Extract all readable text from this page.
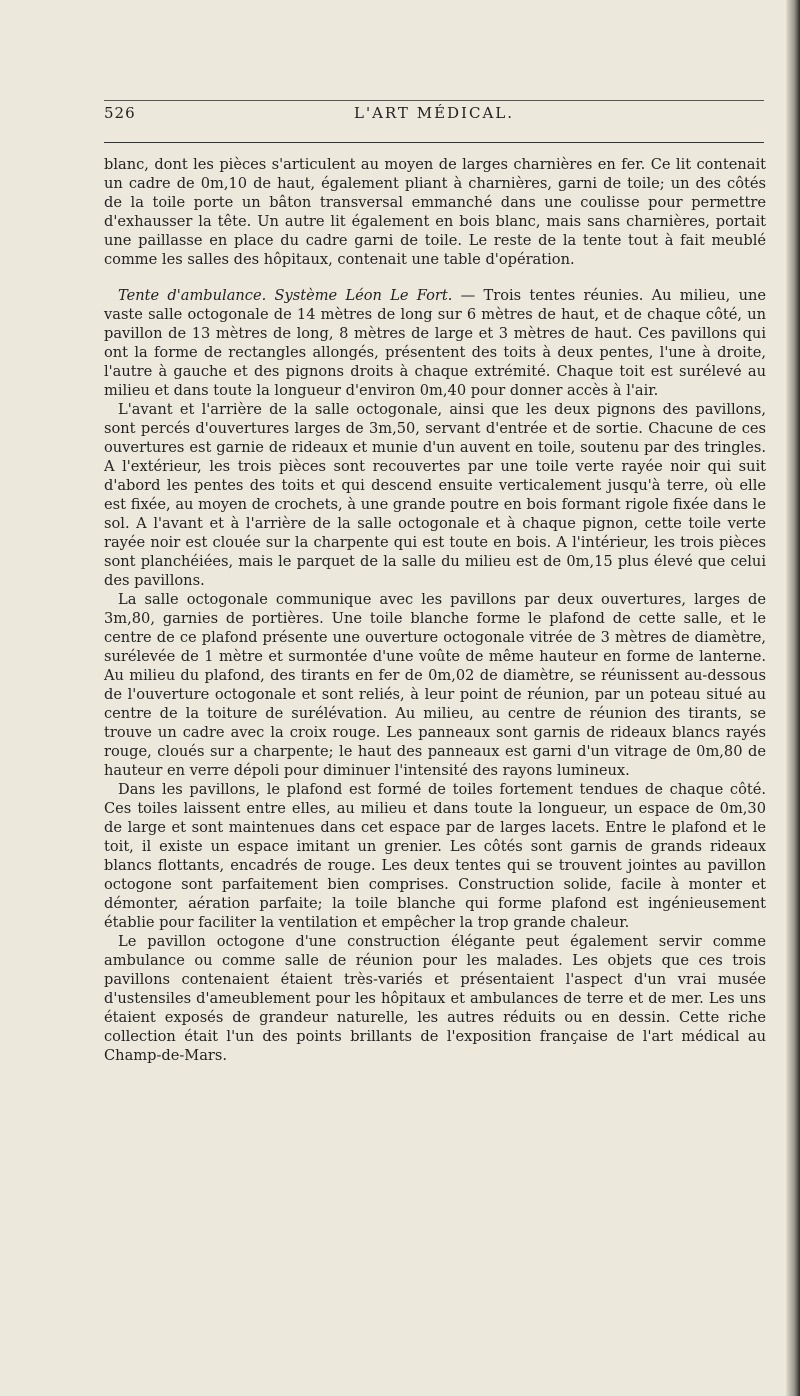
526	L'ART MÉDICAL.

blanc, dont les pièces s'articulent au moyen de larges charnières en fer. Ce lit contenait un cadre de 0m,10 de haut, également pliant à charnières, garni de toile; un des côtés de la toile porte un bâton transversal emmanché dans une coulisse pour permettre d'exhausser la tête. Un autre lit également en bois blanc, mais sans charnières, portait une paillasse en place du cadre garni de toile. Le reste de la tente tout à fait meublé comme les salles des hôpitaux, contenait une table d'opération.

Tente d'ambulance. Système Léon Le Fort. — Trois tentes réunies. Au milieu, une vaste salle octogonale de 14 mètres de long sur 6 mètres de haut, et de chaque côté, un pavillon de 13 mètres de long, 8 mètres de large et 3 mètres de haut. Ces pavillons qui ont la forme de rectangles allongés, présentent des toits à deux pentes, l'une à droite, l'autre à gauche et des pignons droits à chaque extrémité. Chaque toit est surélevé au milieu et dans toute la longueur d'environ 0m,40 pour donner accès à l'air.

L'avant et l'arrière de la salle octogonale, ainsi que les deux pignons des pavillons, sont percés d'ouvertures larges de 3m,50, servant d'entrée et de sortie. Chacune de ces ouvertures est garnie de rideaux et munie d'un auvent en toile, soutenu par des tringles. A l'extérieur, les trois pièces sont recouvertes par une toile verte rayée noir qui suit d'abord les pentes des toits et qui descend ensuite verticalement jusqu'à terre, où elle est fixée, au moyen de crochets, à une grande poutre en bois formant rigole fixée dans le sol. A l'avant et à l'arrière de la salle octogonale et à chaque pignon, cette toile verte rayée noir est clouée sur la charpente qui est toute en bois. A l'intérieur, les trois pièces sont planchéiées, mais le parquet de la salle du milieu est de 0m,15 plus élevé que celui des pavillons.

La salle octogonale communique avec les pavillons par deux ouvertures, larges de 3m,80, garnies de portières. Une toile blanche forme le plafond de cette salle, et le centre de ce plafond présente une ouverture octogonale vitrée de 3 mètres de diamètre, surélevée de 1 mètre et surmontée d'une voûte de même hauteur en forme de lanterne. Au milieu du plafond, des tirants en fer de 0m,02 de diamètre, se réunissent au-dessous de l'ouverture octogonale et sont reliés, à leur point de réunion, par un poteau situé au centre de la toiture de surélévation. Au milieu, au centre de réunion des tirants, se trouve un cadre avec la croix rouge. Les panneaux sont garnis de rideaux blancs rayés rouge, cloués sur a charpente; le haut des panneaux est garni d'un vitrage de 0m,80 de hauteur en verre dépoli pour diminuer l'intensité des rayons lumineux.

Dans les pavillons, le plafond est formé de toiles fortement tendues de chaque côté. Ces toiles laissent entre elles, au milieu et dans toute la longueur, un espace de 0m,30 de large et sont maintenues dans cet espace par de larges lacets. Entre le plafond et le toit, il existe un espace imitant un grenier. Les côtés sont garnis de grands rideaux blancs flottants, encadrés de rouge. Les deux tentes qui se trouvent jointes au pavillon octogone sont parfaitement bien comprises. Construction solide, facile à monter et démonter, aération parfaite; la toile blanche qui forme plafond est ingénieusement établie pour faciliter la ventilation et empêcher la trop grande chaleur.

Le pavillon octogone d'une construction élégante peut également servir comme ambulance ou comme salle de réunion pour les malades. Les objets que ces trois pavillons contenaient étaient très-variés et présentaient l'aspect d'un vrai musée d'ustensiles d'ameublement pour les hôpitaux et ambulances de terre et de mer. Les uns étaient exposés de grandeur naturelle, les autres réduits ou en dessin. Cette riche collection était l'un des points brillants de l'exposition française de l'art médical au Champ-de-Mars.
